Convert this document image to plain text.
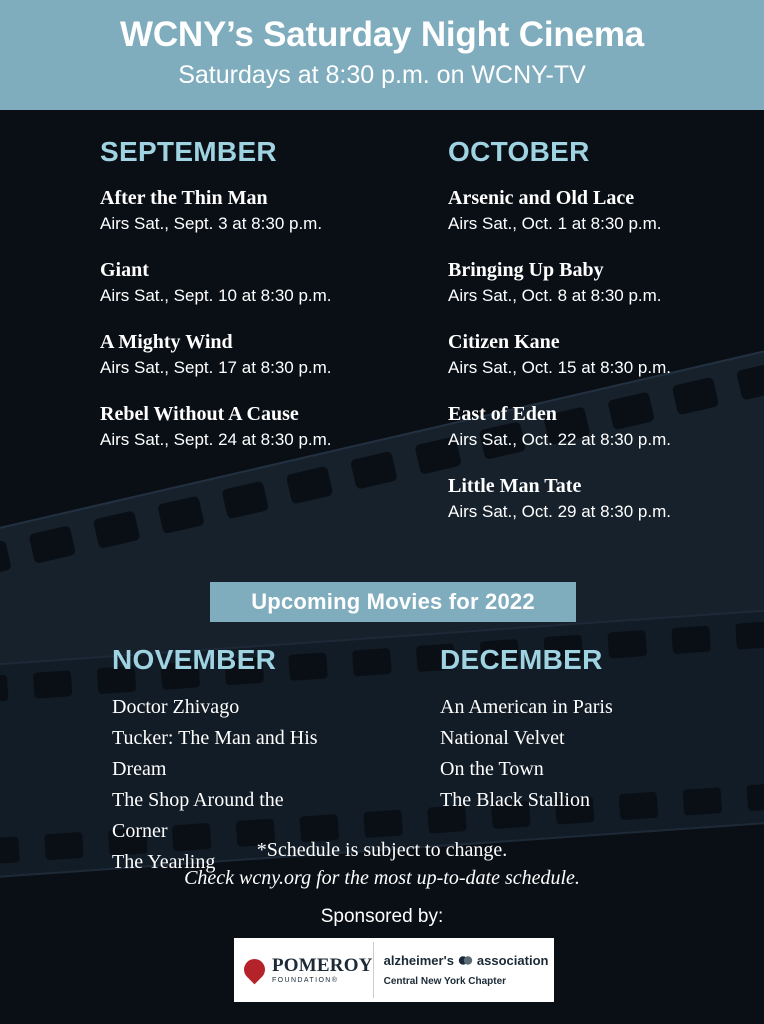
WCNY’s Saturday Night Cinema
Saturdays at 8:30 p.m. on WCNY-TV
SEPTEMBER
After the Thin Man
Airs Sat., Sept. 3 at 8:30 p.m.
Giant
Airs Sat., Sept. 10 at 8:30 p.m.
A Mighty Wind
Airs Sat., Sept. 17 at 8:30 p.m.
Rebel Without A Cause
Airs Sat., Sept. 24 at 8:30 p.m.
OCTOBER
Arsenic and Old Lace
Airs Sat., Oct. 1 at 8:30 p.m.
Bringing Up Baby
Airs Sat., Oct. 8 at 8:30 p.m.
Citizen Kane
Airs Sat., Oct. 15 at 8:30 p.m.
East of Eden
Airs Sat., Oct. 22 at 8:30 p.m.
Little Man Tate
Airs Sat., Oct. 29 at 8:30 p.m.
Upcoming Movies for 2022
NOVEMBER
Doctor Zhivago
Tucker: The Man and His Dream
The Shop Around the Corner
The Yearling
DECEMBER
An American in Paris
National Velvet
On the Town
The Black Stallion
*Schedule is subject to change.
Check wcny.org for the most up-to-date schedule.
Sponsored by:
POMEROY
FOUNDATION®
alzheimer's association
Central New York Chapter
